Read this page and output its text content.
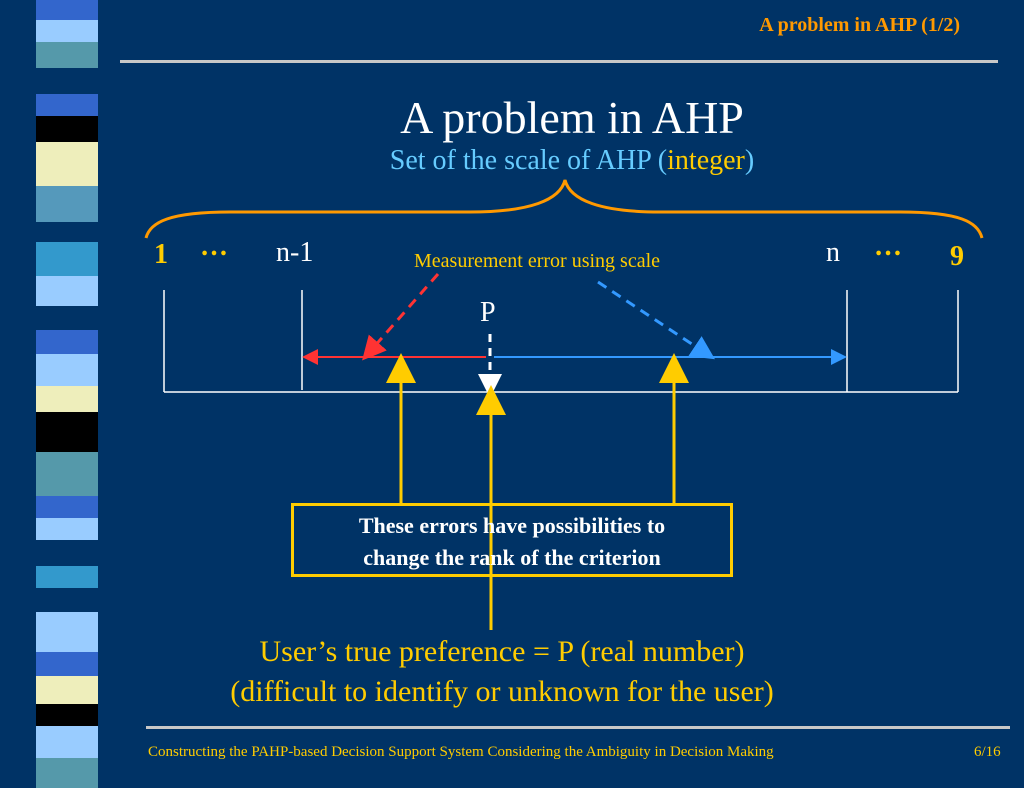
A problem in AHP (1/2)
A problem in AHP
Set of the scale of AHP (integer)
1 … n-1	n … 9
P
Measurement error using scale
These errors have possibilities to
change the rank of the criterion
User’s true preference = P (real number)
(difficult to identify or unknown for the user)
Constructing the PAHP-based Decision Support System Considering the Ambiguity in Decision Making	6/16
